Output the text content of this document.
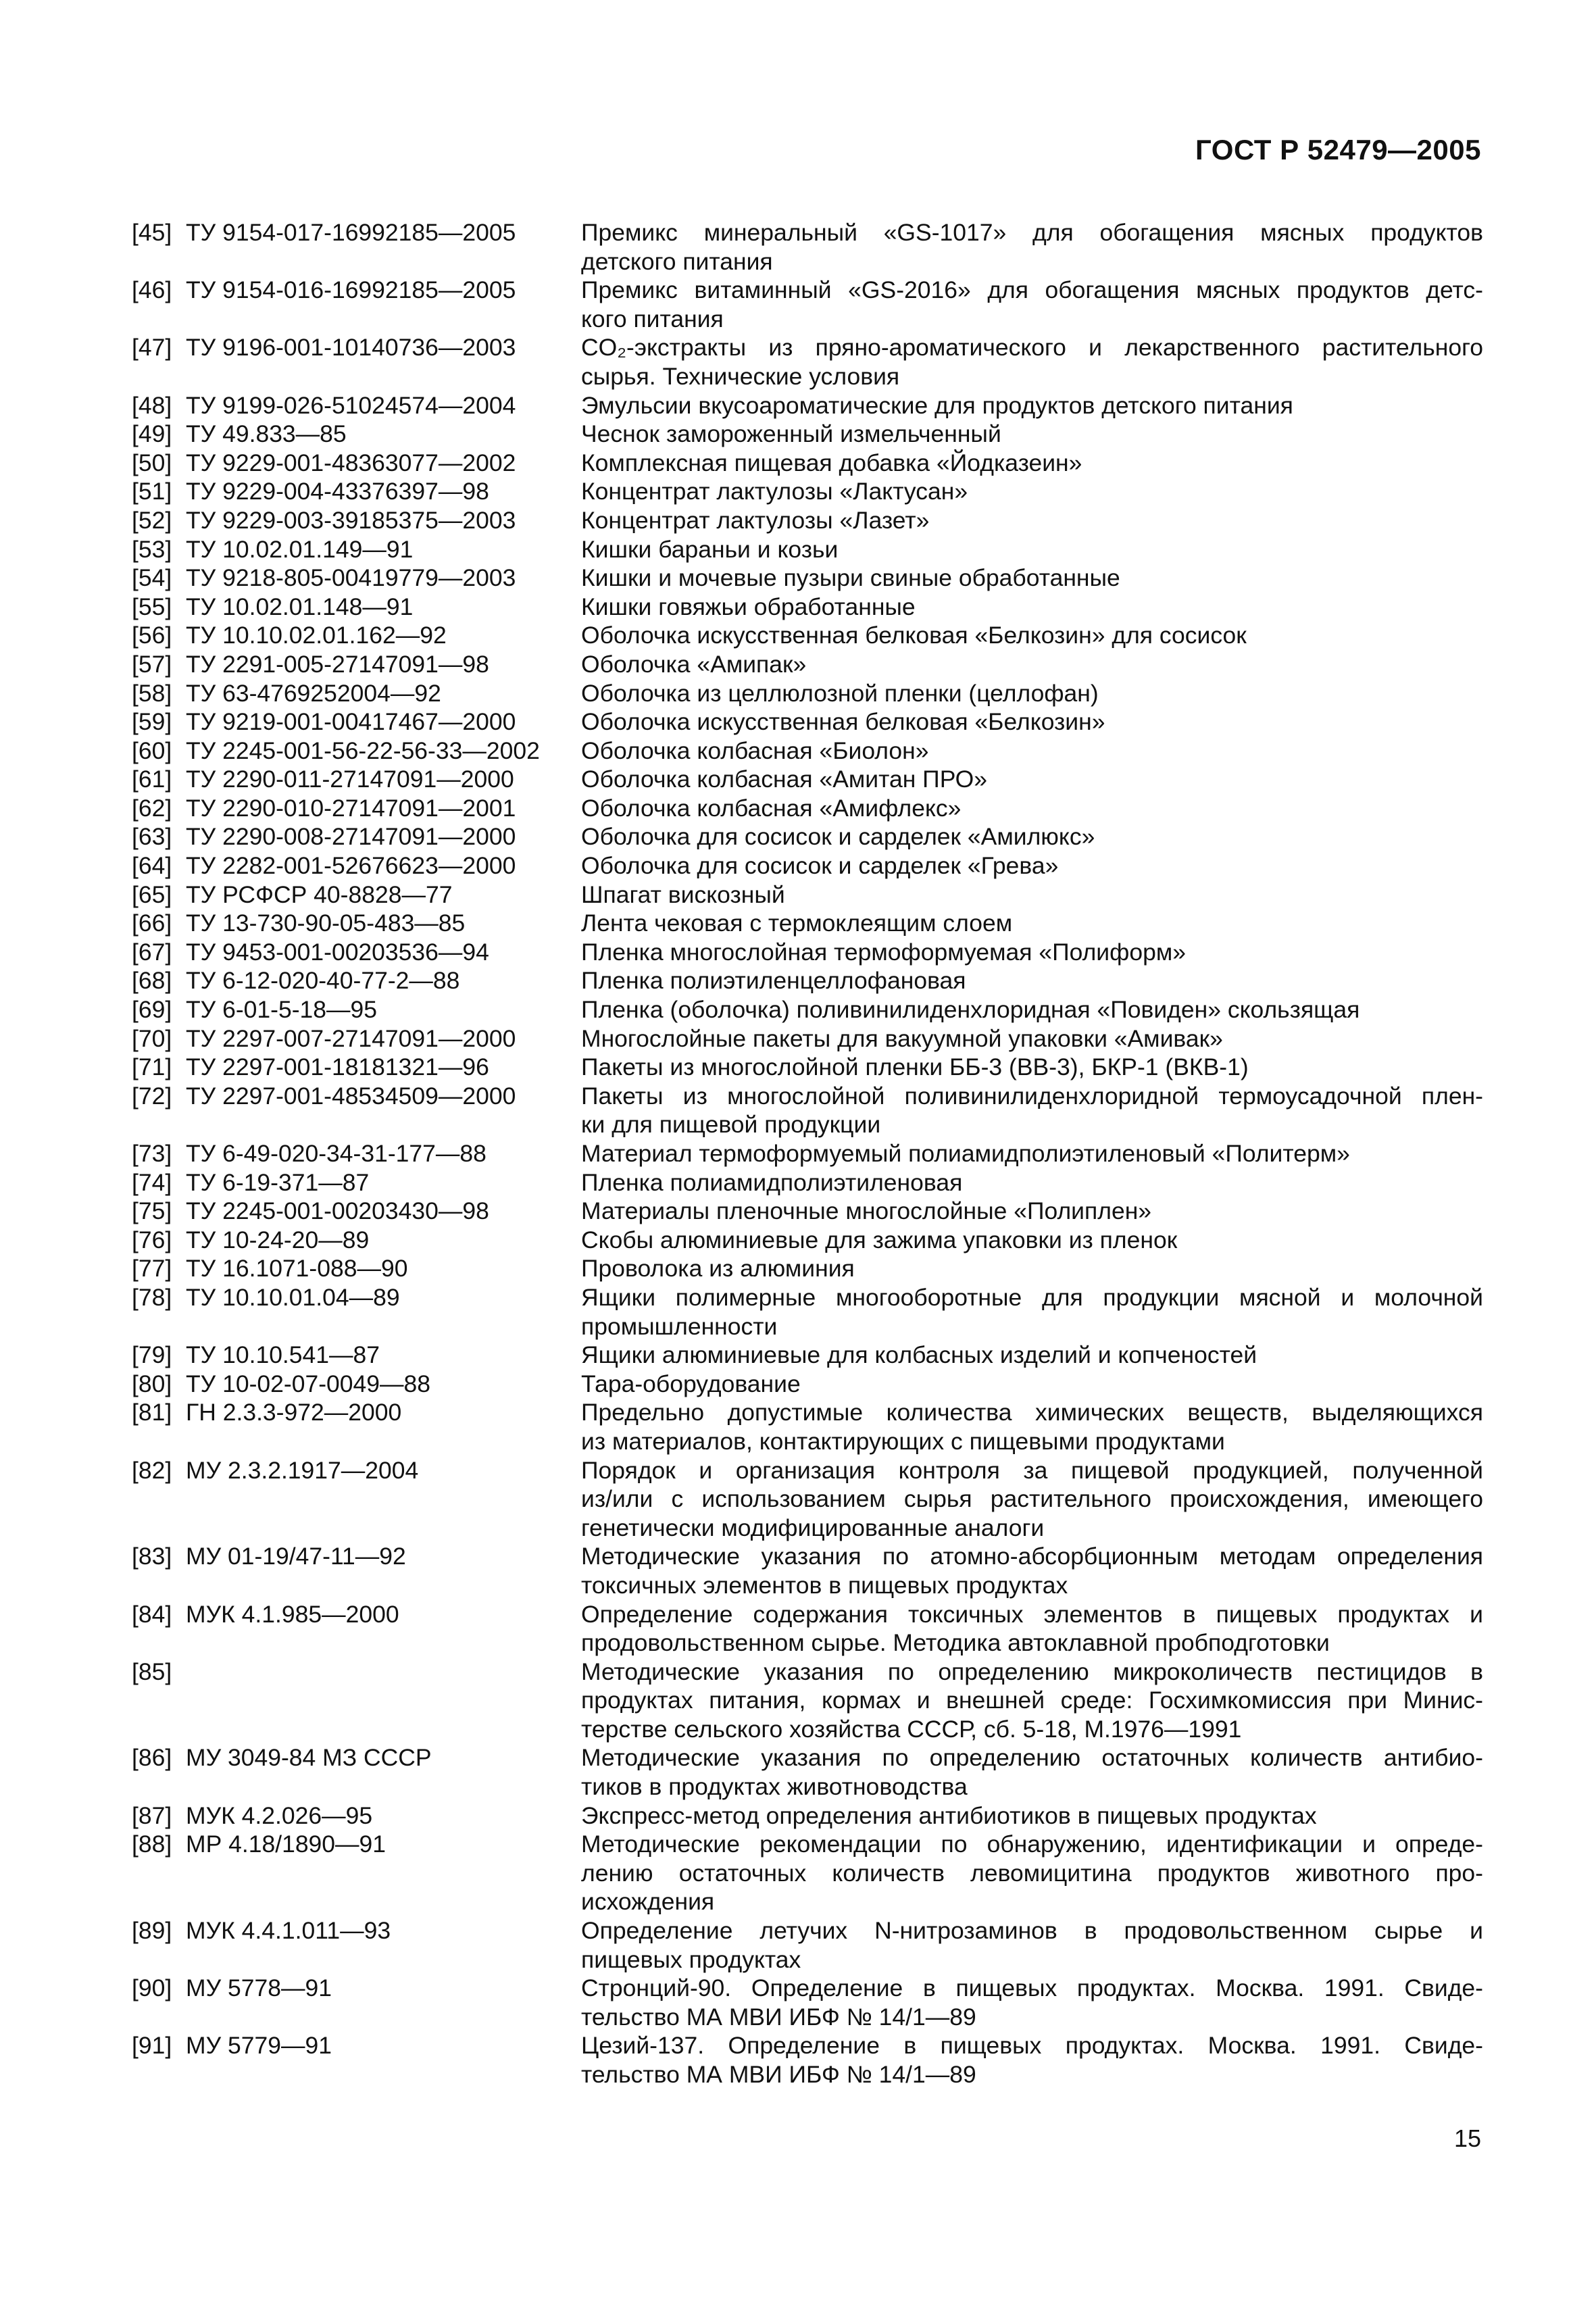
ГОСТ Р 52479—2005
[45] ТУ 9154-017-16992185—2005	Премикс минеральный «GS-1017» для обогащения мясных продуктов
детского питания
[46] ТУ 9154-016-16992185—2005	Премикс витаминный «GS-2016» для обогащения мясных продуктов детс-
кого питания
[47] ТУ 9196-001-10140736—2003	CO₂-экстракты из пряно-ароматического и лекарственного растительного
сырья. Технические условия
[48] ТУ 9199-026-51024574—2004	Эмульсии вкусоароматические для продуктов детского питания
[49] ТУ 49.833—85	Чеснок замороженный измельченный
[50] ТУ 9229-001-48363077—2002	Комплексная пищевая добавка «Йодказеин»
[51] ТУ 9229-004-43376397—98	Концентрат лактулозы «Лактусан»
[52] ТУ 9229-003-39185375—2003	Концентрат лактулозы «Лазет»
[53] ТУ 10.02.01.149—91	Кишки бараньи и козьи
[54] ТУ 9218-805-00419779—2003	Кишки и мочевые пузыри свиные обработанные
[55] ТУ 10.02.01.148—91	Кишки говяжьи обработанные
[56] ТУ 10.10.02.01.162—92	Оболочка искусственная белковая «Белкозин» для сосисок
[57] ТУ 2291-005-27147091—98	Оболочка «Амипак»
[58] ТУ 63-4769252004—92	Оболочка из целлюлозной пленки (целлофан)
[59] ТУ 9219-001-00417467—2000	Оболочка искусственная белковая «Белкозин»
[60] ТУ 2245-001-56-22-56-33—2002	Оболочка колбасная «Биолон»
[61] ТУ 2290-011-27147091—2000	Оболочка колбасная «Амитан ПРО»
[62] ТУ 2290-010-27147091—2001	Оболочка колбасная «Амифлекс»
[63] ТУ 2290-008-27147091—2000	Оболочка для сосисок и сарделек «Амилюкс»
[64] ТУ 2282-001-52676623—2000	Оболочка для сосисок и сарделек «Грева»
[65] ТУ РСФСР 40-8828—77	Шпагат вискозный
[66] ТУ 13-730-90-05-483—85	Лента чековая с термоклеящим слоем
[67] ТУ 9453-001-00203536—94	Пленка многослойная термоформуемая «Полиформ»
[68] ТУ 6-12-020-40-77-2—88	Пленка полиэтиленцеллофановая
[69] ТУ 6-01-5-18—95	Пленка (оболочка) поливинилиденхлоридная «Повиден» скользящая
[70] ТУ 2297-007-27147091—2000	Многослойные пакеты для вакуумной упаковки «Амивак»
[71] ТУ 2297-001-18181321—96	Пакеты из многослойной пленки ББ-3 (ВВ-3), БКР-1 (ВКВ-1)
[72] ТУ 2297-001-48534509—2000	Пакеты из многослойной поливинилиденхлоридной термоусадочной плен-
ки для пищевой продукции
[73] ТУ 6-49-020-34-31-177—88	Материал термоформуемый полиамидполиэтиленовый «Политерм»
[74] ТУ 6-19-371—87	Пленка полиамидполиэтиленовая
[75] ТУ 2245-001-00203430—98	Материалы пленочные многослойные «Полиплен»
[76] ТУ 10-24-20—89	Скобы алюминиевые для зажима упаковки из пленок
[77] ТУ 16.1071-088—90	Проволока из алюминия
[78] ТУ 10.10.01.04—89	Ящики полимерные многооборотные для продукции мясной и молочной
промышленности
[79] ТУ 10.10.541—87	Ящики алюминиевые для колбасных изделий и копченостей
[80] ТУ 10-02-07-0049—88	Тара-оборудование
[81] ГН 2.3.3-972—2000	Предельно допустимые количества химических веществ, выделяющихся
из материалов, контактирующих с пищевыми продуктами
[82] МУ 2.3.2.1917—2004	Порядок и организация контроля за пищевой продукцией, полученной
из/или с использованием сырья растительного происхождения, имеющего
генетически модифицированные аналоги
[83] МУ 01-19/47-11—92	Методические указания по атомно-абсорбционным методам определения
токсичных элементов в пищевых продуктах
[84] МУК 4.1.985—2000	Определение содержания токсичных элементов в пищевых продуктах и
продовольственном сырье. Методика автоклавной пробподготовки
[85]	Методические указания по определению микроколичеств пестицидов в
продуктах питания, кормах и внешней среде: Госхимкомиссия при Минис-
терстве сельского хозяйства СССР, сб. 5-18, М.1976—1991
[86] МУ 3049-84 МЗ СССР	Методические указания по определению остаточных количеств антибио-
тиков в продуктах животноводства
[87] МУК 4.2.026—95	Экспресс-метод определения антибиотиков в пищевых продуктах
[88] МР 4.18/1890—91	Методические рекомендации по обнаружению, идентификации и опреде-
лению остаточных количеств левомицитина продуктов животного про-
исхождения
[89] МУК 4.4.1.011—93	Определение летучих N-нитрозаминов в продовольственном сырье и
пищевых продуктах
[90] МУ 5778—91	Стронций-90. Определение в пищевых продуктах. Москва. 1991. Свиде-
тельство МА МВИ ИБФ № 14/1—89
[91] МУ 5779—91	Цезий-137. Определение в пищевых продуктах. Москва. 1991. Свиде-
тельство МА МВИ ИБФ № 14/1—89
15
